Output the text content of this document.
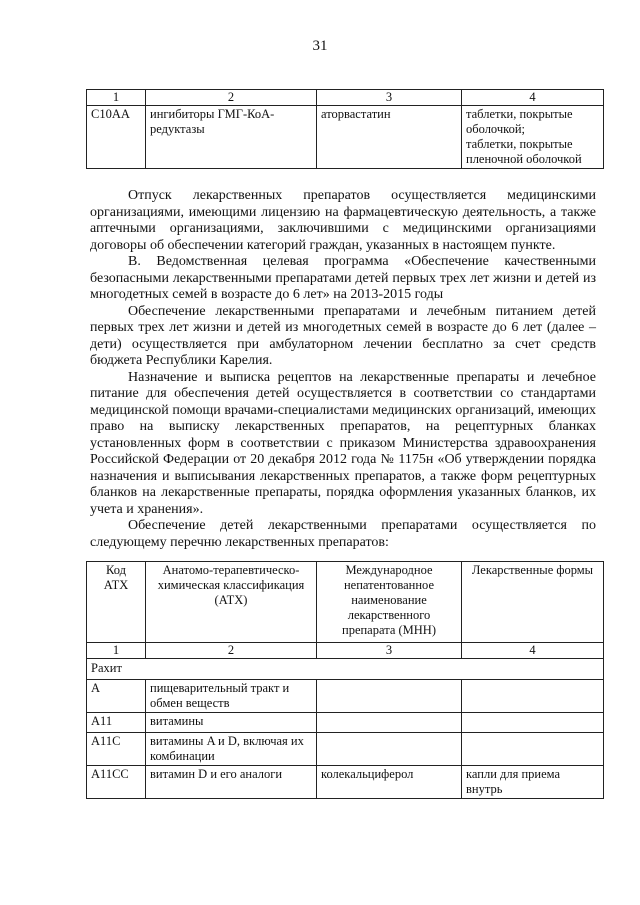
31
1	2	3	4
C10AA	ингибиторы ГМГ-КоА-редуктазы	аторвастатин	таблетки, покрытые оболочкой;
таблетки, покрытые пленочной оболочкой

Отпуск лекарственных препаратов осуществляется медицинскими организациями, имеющими лицензию на фармацевтическую деятельность, а также аптечными организациями, заключившими с медицинскими организациями договоры об обеспечении категорий граждан, указанных в настоящем пункте.

В. Ведомственная целевая программа «Обеспечение качественными безопасными лекарственными препаратами детей первых трех лет жизни и детей из многодетных семей в возрасте до 6 лет» на 2013-2015 годы

Обеспечение лекарственными препаратами и лечебным питанием детей первых трех лет жизни и детей из многодетных семей в возрасте до 6 лет (далее – дети) осуществляется при амбулаторном лечении бесплатно за счет средств бюджета Республики Карелия.

Назначение и выписка рецептов на лекарственные препараты и лечебное питание для обеспечения детей осуществляется в соответствии со стандартами медицинской помощи врачами-специалистами медицинских организаций, имеющих право на выписку лекарственных препаратов, на рецептурных бланках установленных форм в соответствии с приказом Министерства здравоохранения Российской Федерации от 20 декабря 2012 года № 1175н «Об утверждении порядка назначения и выписывания лекарственных препаратов, а также форм рецептурных бланков на лекарственные препараты, порядка оформления указанных бланков, их учета и хранения».

Обеспечение детей лекарственными препаратами осуществляется по следующему перечню лекарственных препаратов:

Код АТХ	Анатомо-терапевтическо-химическая классификация (АТХ)	Международное непатентованное наименование лекарственного препарата (МНН)	Лекарственные формы
1	2	3	4
Рахит			
A	пищеварительный тракт и обмен веществ		
A11	витамины		
A11C	витамины A и D, включая их комбинации		
A11CC	витамин D и его аналоги	колекальциферол	капли для приема внутрь
